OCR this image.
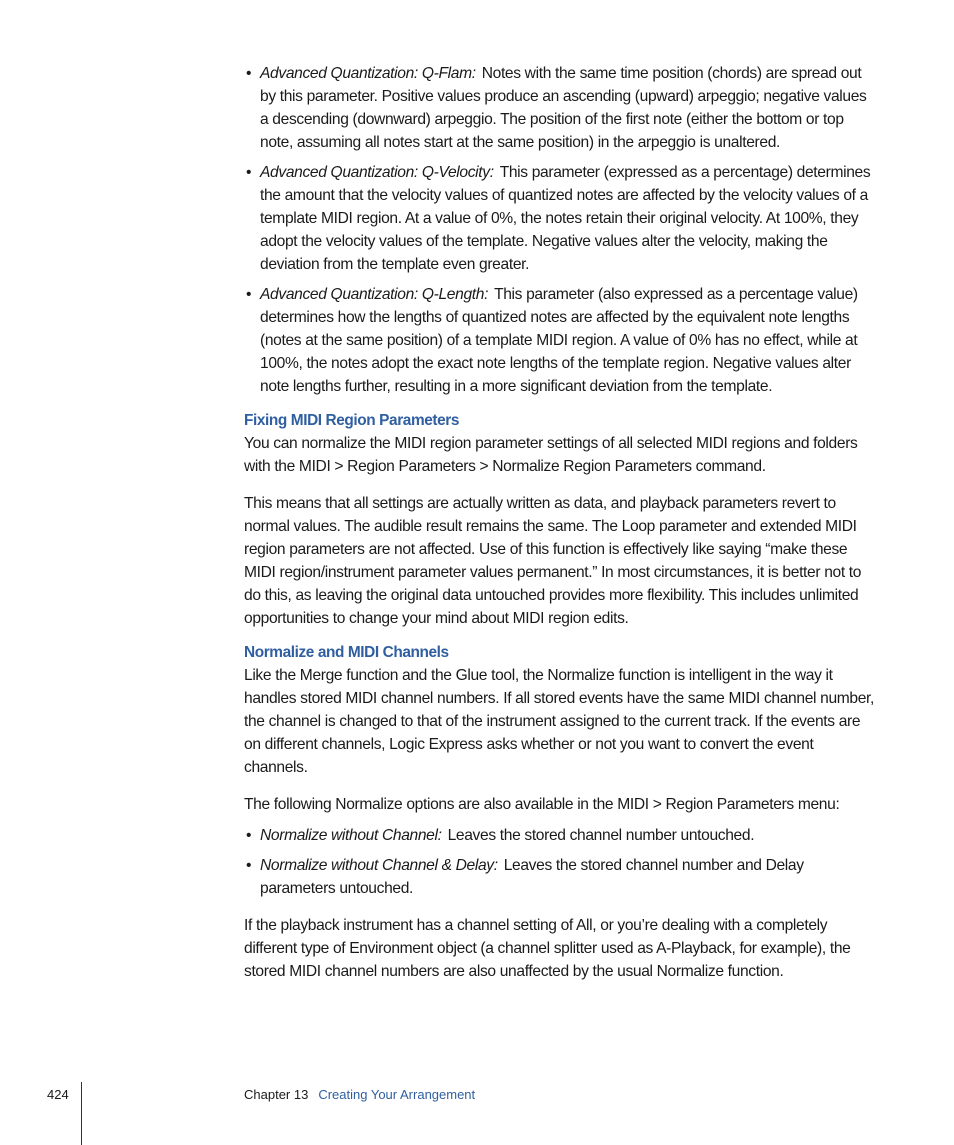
• Advanced Quantization: Q-Flam: Notes with the same time position (chords) are spread out by this parameter. Positive values produce an ascending (upward) arpeggio; negative values a descending (downward) arpeggio. The position of the first note (either the bottom or top note, assuming all notes start at the same position) in the arpeggio is unaltered.
• Advanced Quantization: Q-Velocity: This parameter (expressed as a percentage) determines the amount that the velocity values of quantized notes are affected by the velocity values of a template MIDI region. At a value of 0%, the notes retain their original velocity. At 100%, they adopt the velocity values of the template. Negative values alter the velocity, making the deviation from the template even greater.
• Advanced Quantization: Q-Length: This parameter (also expressed as a percentage value) determines how the lengths of quantized notes are affected by the equivalent note lengths (notes at the same position) of a template MIDI region. A value of 0% has no effect, while at 100%, the notes adopt the exact note lengths of the template region. Negative values alter note lengths further, resulting in a more significant deviation from the template.
Fixing MIDI Region Parameters

You can normalize the MIDI region parameter settings of all selected MIDI regions and folders with the MIDI > Region Parameters > Normalize Region Parameters command.

This means that all settings are actually written as data, and playback parameters revert to normal values. The audible result remains the same. The Loop parameter and extended MIDI region parameters are not affected. Use of this function is effectively like saying “make these MIDI region/instrument parameter values permanent.” In most circumstances, it is better not to do this, as leaving the original data untouched provides more flexibility. This includes unlimited opportunities to change your mind about MIDI region edits.

Normalize and MIDI Channels

Like the Merge function and the Glue tool, the Normalize function is intelligent in the way it handles stored MIDI channel numbers. If all stored events have the same MIDI channel number, the channel is changed to that of the instrument assigned to the current track. If the events are on different channels, Logic Express asks whether or not you want to convert the event channels.

The following Normalize options are also available in the MIDI > Region Parameters menu:

• Normalize without Channel: Leaves the stored channel number untouched.
• Normalize without Channel & Delay: Leaves the stored channel number and Delay parameters untouched.

If the playback instrument has a channel setting of All, or you’re dealing with a completely different type of Environment object (a channel splitter used as A-Playback, for example), the stored MIDI channel numbers are also unaffected by the usual Normalize function.

424	Chapter 13 Creating Your Arrangement
